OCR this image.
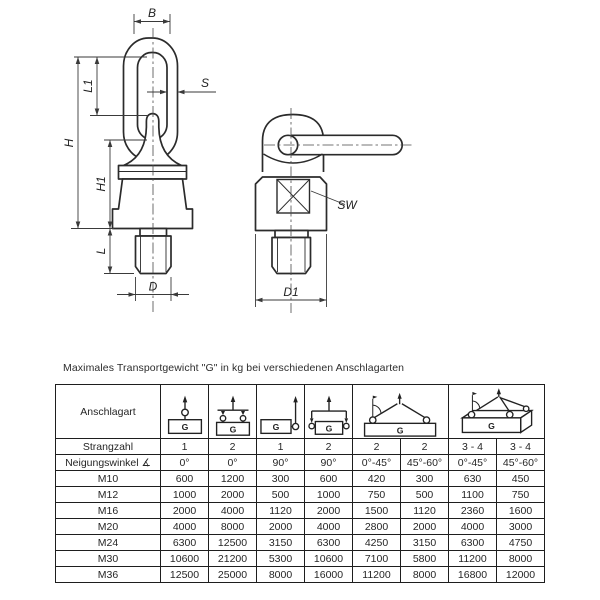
B
L1
H
H1
L
S
D	D1
SW
Maximales Transportgewicht "G" in kg bei verschiedenen Anschlagarten
Anschlagart	G	G	G	G	G		G	

Strangzahl	1	2	1	2	2	2	3 - 4	3 - 4
Neigungswinkel ∡	0°	0°	90°	90°	0°-45°	45°-60°	0°-45°	45°-60°
M10	600	1200	300	600	420	300	630	450
M12	1000	2000	500	1000	750	500	1100	750
M16	2000	4000	1120	2000	1500	1120	2360	1600
M20	4000	8000	2000	4000	2800	2000	4000	3000
M24	6300	12500	3150	6300	4250	3150	6300	4750
M30	10600	21200	5300	10600	7100	5800	11200	8000
M36	12500	25000	8000	16000	11200	8000	16800	12000
